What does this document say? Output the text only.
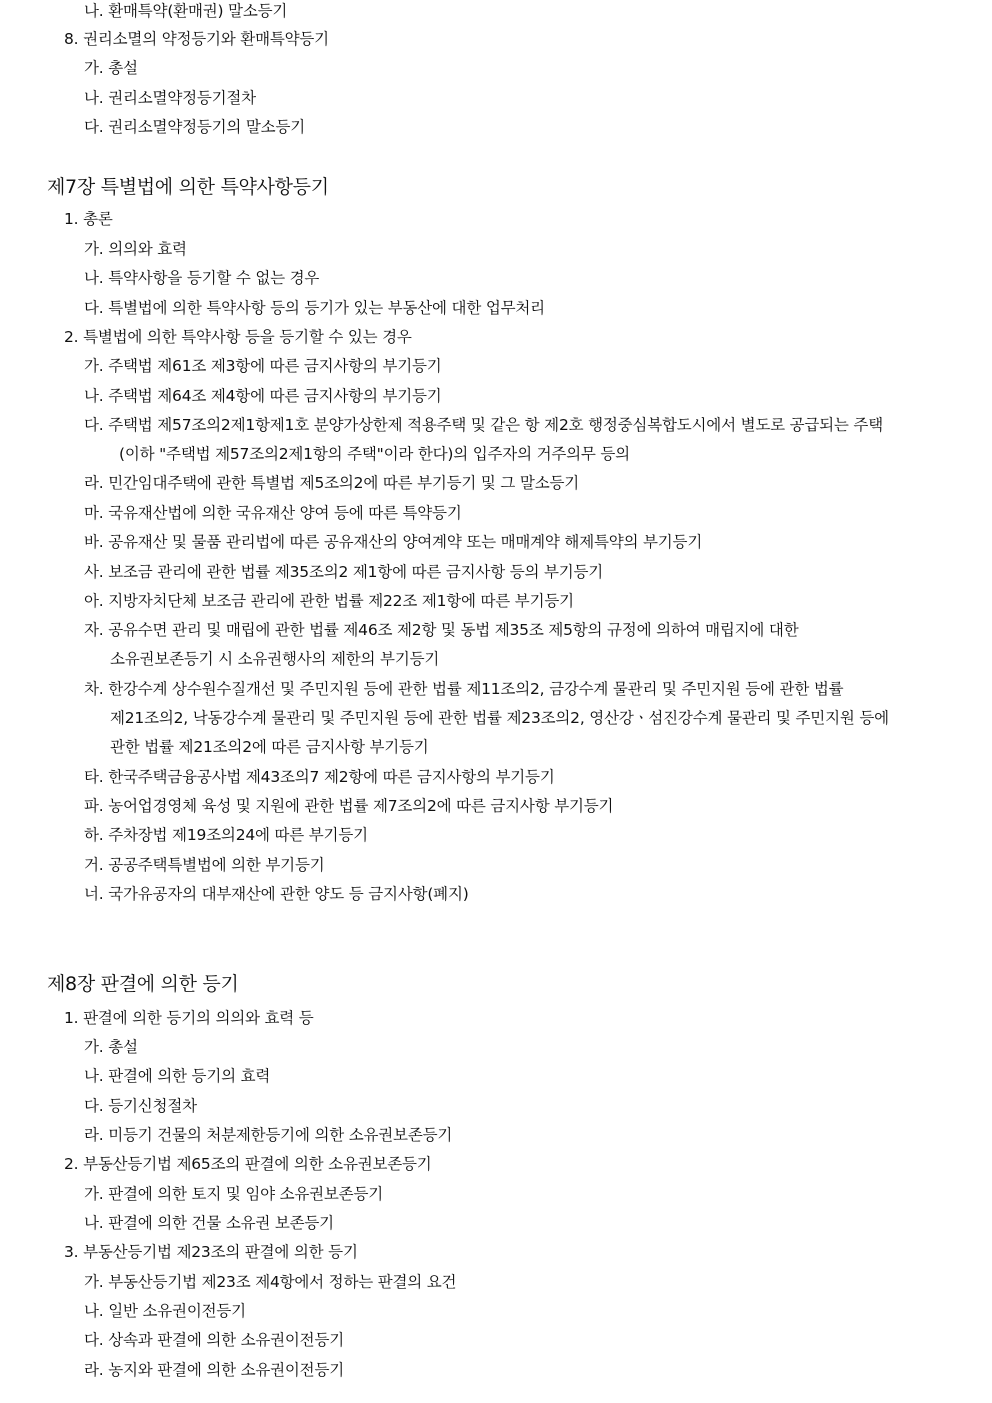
나. 환매특약(환매권) 말소등기
8. 권리소멸의 약정등기와 환매특약등기
가. 총설
나. 권리소멸약정등기절차
다. 권리소멸약정등기의 말소등기
제7장 특별법에 의한 특약사항등기
1. 총론
가. 의의와 효력
나. 특약사항을 등기할 수 없는 경우
다. 특별법에 의한 특약사항 등의 등기가 있는 부동산에 대한 업무처리
2. 특별법에 의한 특약사항 등을 등기할 수 있는 경우
가. 주택법 제61조 제3항에 따른 금지사항의 부기등기
나. 주택법 제64조 제4항에 따른 금지사항의 부기등기
다. 주택법 제57조의2제1항제1호 분양가상한제 적용주택 및 같은 항 제2호 행정중심복합도시에서 별도로 공급되는 주택
(이하 "주택법 제57조의2제1항의 주택"이라 한다)의 입주자의 거주의무 등의
라. 민간임대주택에 관한 특별법 제5조의2에 따른 부기등기 및 그 말소등기
마. 국유재산법에 의한 국유재산 양여 등에 따른 특약등기
바. 공유재산 및 물품 관리법에 따른 공유재산의 양여계약 또는 매매계약 해제특약의 부기등기
사. 보조금 관리에 관한 법률 제35조의2 제1항에 따른 금지사항 등의 부기등기
아. 지방자치단체 보조금 관리에 관한 법률 제22조 제1항에 따른 부기등기
자. 공유수면 관리 및 매립에 관한 법률 제46조 제2항 및 동법 제35조 제5항의 규정에 의하여 매립지에 대한
소유권보존등기 시 소유권행사의 제한의 부기등기
차. 한강수계 상수원수질개선 및 주민지원 등에 관한 법률 제11조의2, 금강수계 물관리 및 주민지원 등에 관한 법률
제21조의2, 낙동강수계 물관리 및 주민지원 등에 관한 법률 제23조의2, 영산강ㆍ섬진강수계 물관리 및 주민지원 등에
관한 법률 제21조의2에 따른 금지사항 부기등기
타. 한국주택금융공사법 제43조의7 제2항에 따른 금지사항의 부기등기
파. 농어업경영체 육성 및 지원에 관한 법률 제7조의2에 따른 금지사항 부기등기
하. 주차장법 제19조의24에 따른 부기등기
거. 공공주택특별법에 의한 부기등기
너. 국가유공자의 대부재산에 관한 양도 등 금지사항(폐지)
제8장 판결에 의한 등기
1. 판결에 의한 등기의 의의와 효력 등
가. 총설
나. 판결에 의한 등기의 효력
다. 등기신청절차
라. 미등기 건물의 처분제한등기에 의한 소유권보존등기
2. 부동산등기법 제65조의 판결에 의한 소유권보존등기
가. 판결에 의한 토지 및 임야 소유권보존등기
나. 판결에 의한 건물 소유권 보존등기
3. 부동산등기법 제23조의 판결에 의한 등기
가. 부동산등기법 제23조 제4항에서 정하는 판결의 요건
나. 일반 소유권이전등기
다. 상속과 판결에 의한 소유권이전등기
라. 농지와 판결에 의한 소유권이전등기
